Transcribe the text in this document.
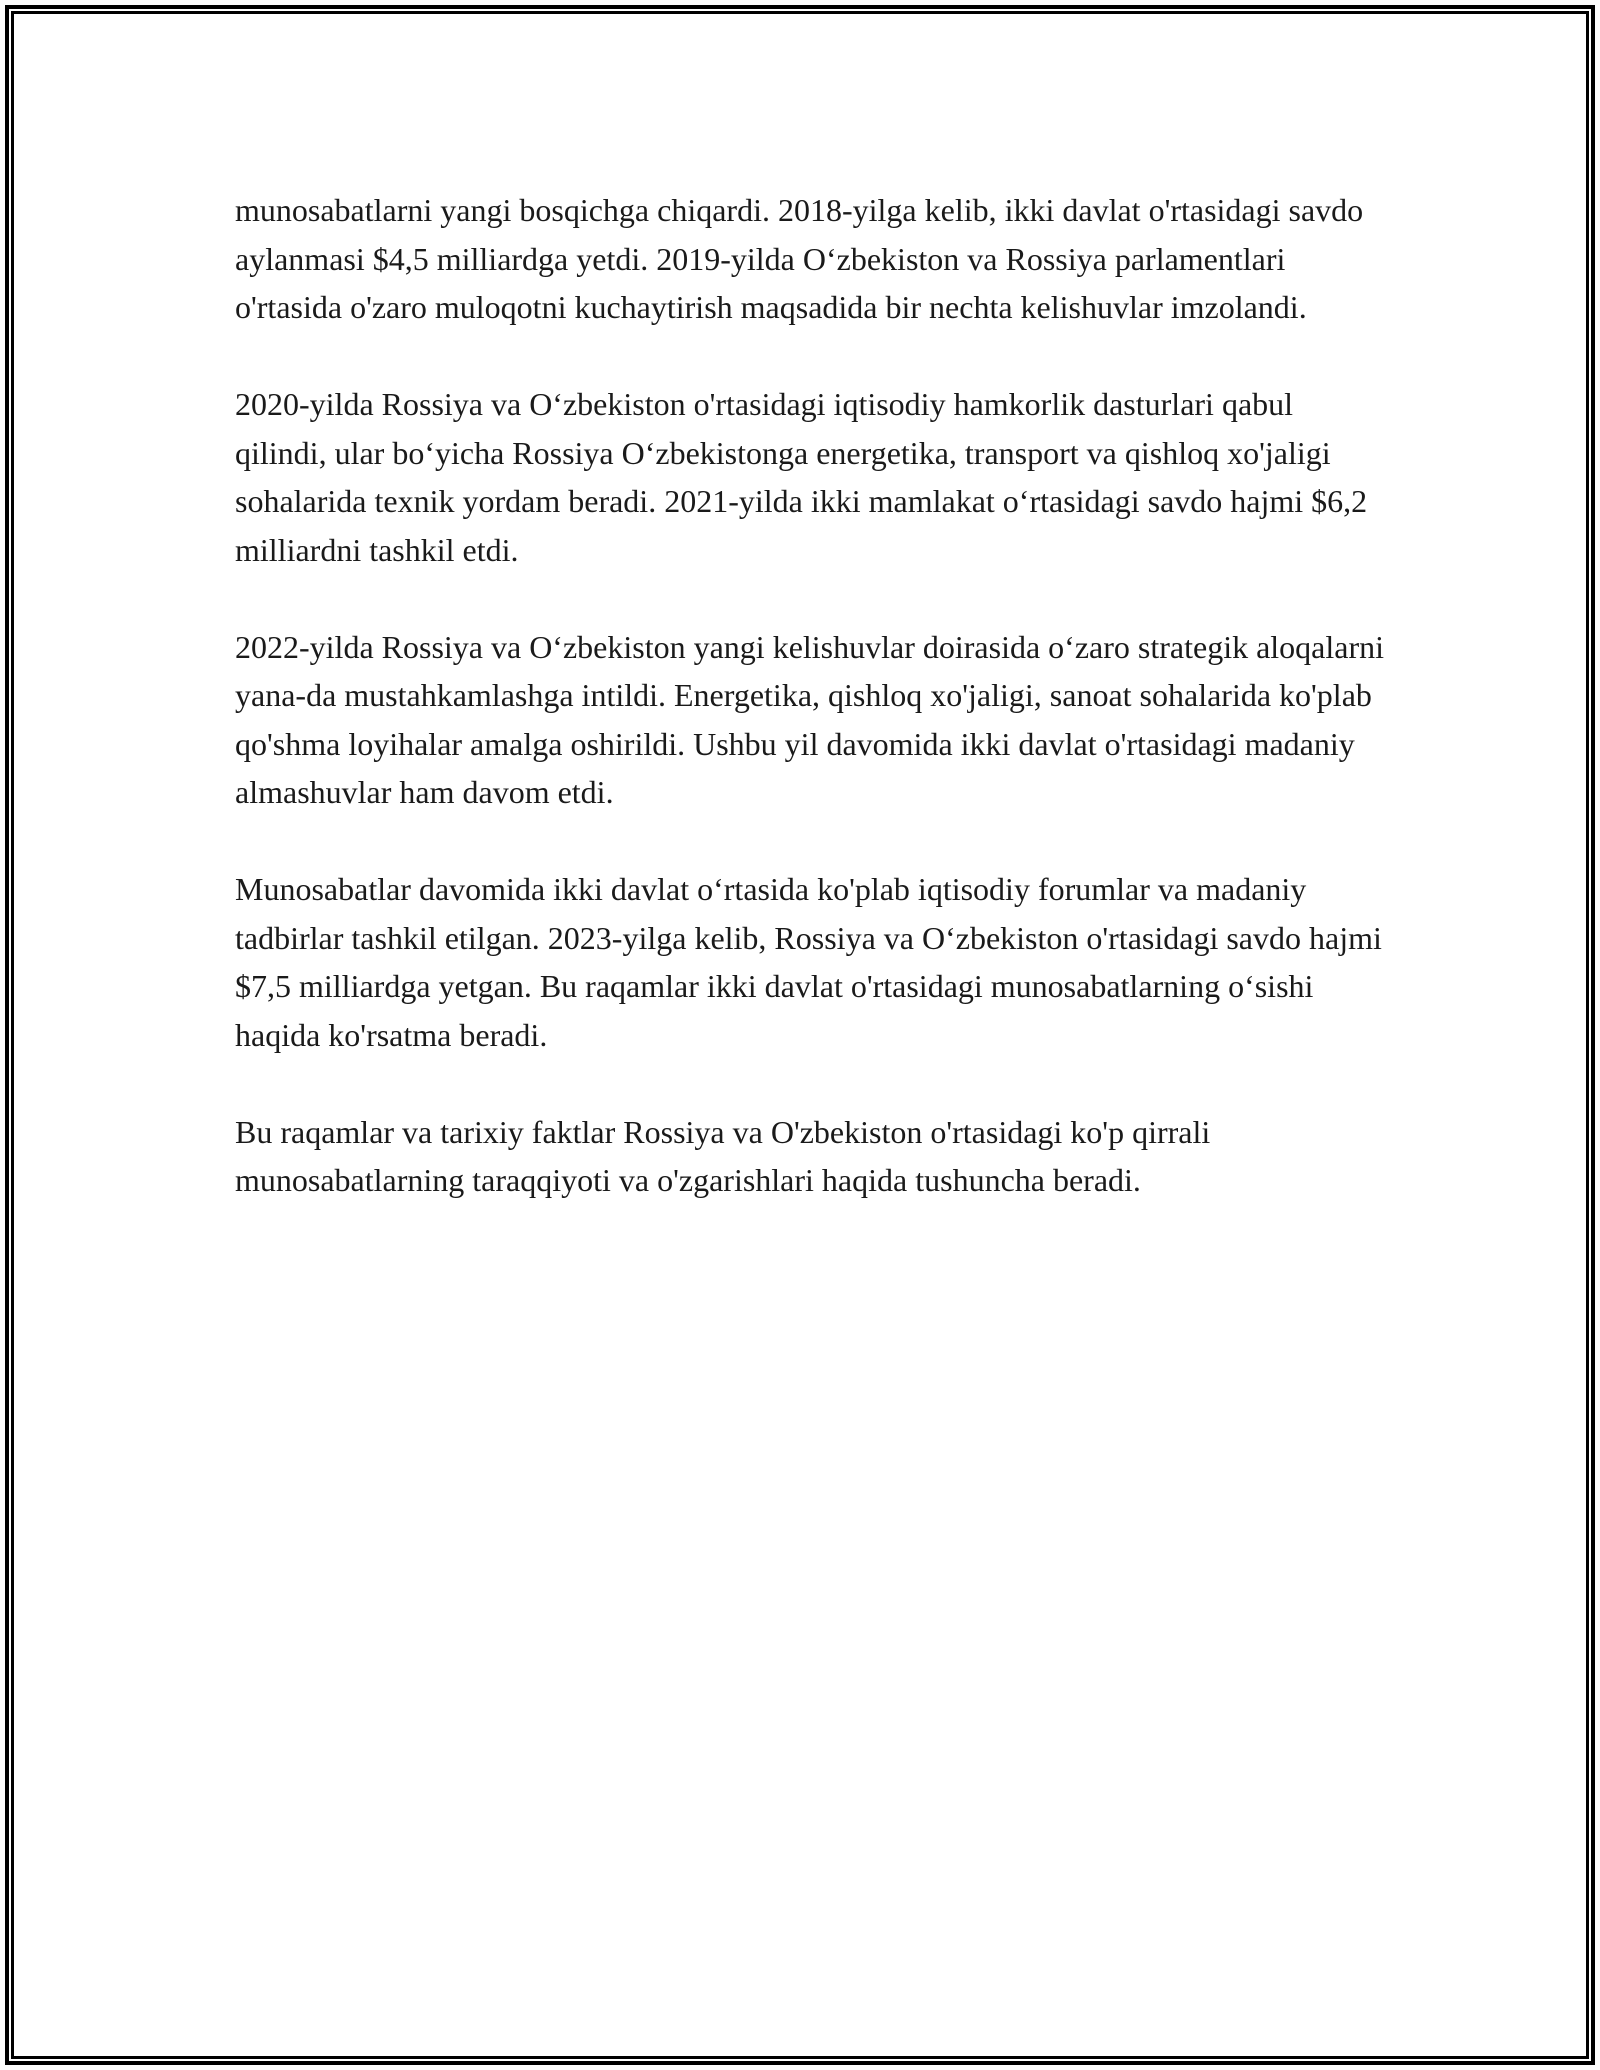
munosabatlarni yangi bosqichga chiqardi. 2018-yilga kelib, ikki davlat o'rtasidagi savdo aylanmasi $4,5 milliardga yetdi. 2019-yilda O‘zbekiston va Rossiya parlamentlari o'rtasida o'zaro muloqotni kuchaytirish maqsadida bir nechta kelishuvlar imzolandi.

2020-yilda Rossiya va O‘zbekiston o'rtasidagi iqtisodiy hamkorlik dasturlari qabul qilindi, ular bo‘yicha Rossiya O‘zbekistonga energetika, transport va qishloq xo'jaligi sohalarida texnik yordam beradi. 2021-yilda ikki mamlakat o‘rtasidagi savdo hajmi $6,2 milliardni tashkil etdi.

2022-yilda Rossiya va O‘zbekiston yangi kelishuvlar doirasida o‘zaro strategik aloqalarni yana-da mustahkamlashga intildi. Energetika, qishloq xo'jaligi, sanoat sohalarida ko'plab qo'shma loyihalar amalga oshirildi. Ushbu yil davomida ikki davlat o'rtasidagi madaniy almashuvlar ham davom etdi.

Munosabatlar davomida ikki davlat o‘rtasida ko'plab iqtisodiy forumlar va madaniy tadbirlar tashkil etilgan. 2023-yilga kelib, Rossiya va O‘zbekiston o'rtasidagi savdo hajmi $7,5 milliardga yetgan. Bu raqamlar ikki davlat o'rtasidagi munosabatlarning o‘sishi haqida ko'rsatma beradi.

Bu raqamlar va tarixiy faktlar Rossiya va O'zbekiston o'rtasidagi ko'p qirrali munosabatlarning taraqqiyoti va o'zgarishlari haqida tushuncha beradi.
